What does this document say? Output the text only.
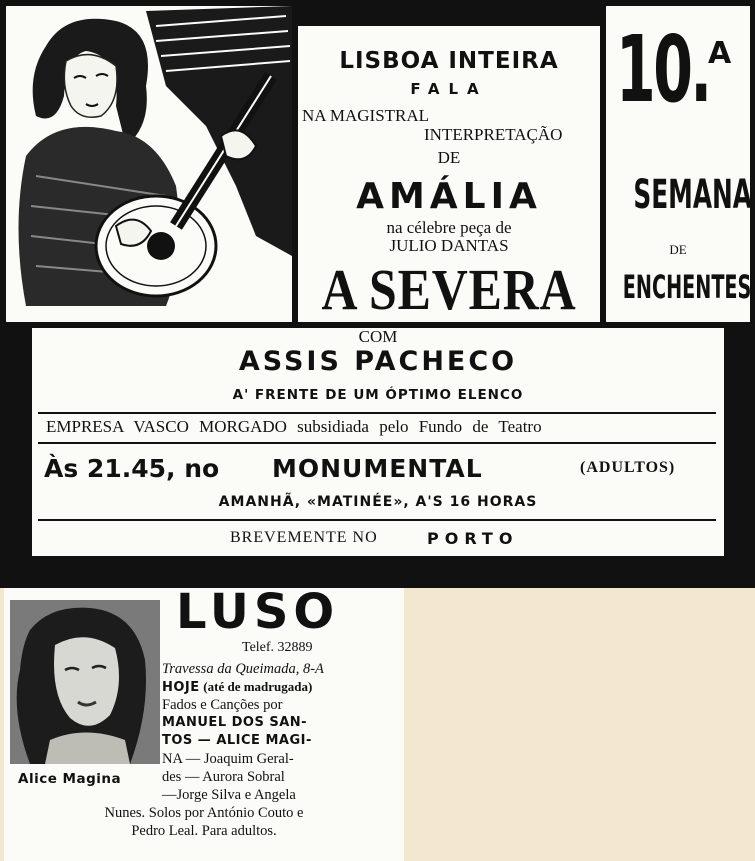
LISBOA INTEIRA
FALA
NA MAGISTRAL
INTERPRETAÇÃO
DE
AMÁLIA
na célebre peça de
JULIO DANTAS
A SEVERA
10.
A
SEMANA
DE
ENCHENTES
COM
ASSIS PACHECO
A' FRENTE DE UM ÓPTIMO ELENCO
EMPRESA VASCO MORGADO subsidiada pelo Fundo de Teatro
Às 21.45, no MONUMENTAL	(ADULTOS)
AMANHÃ, «MATINÉE», A'S 16 HORAS
BREVEMENTE NO	PORTO
LUSO
Telef. 32889
Travessa da Queimada, 8-A
HOJE (até de madrugada)
Fados e Canções por
MANUEL DOS SAN-
TOS — ALICE MAGI-
NA — Joaquim Geral-
des — Aurora Sobral
—Jorge Silva e Angela
Nunes. Solos por António Couto e
Pedro Leal. Para adultos.
Alice Magina
